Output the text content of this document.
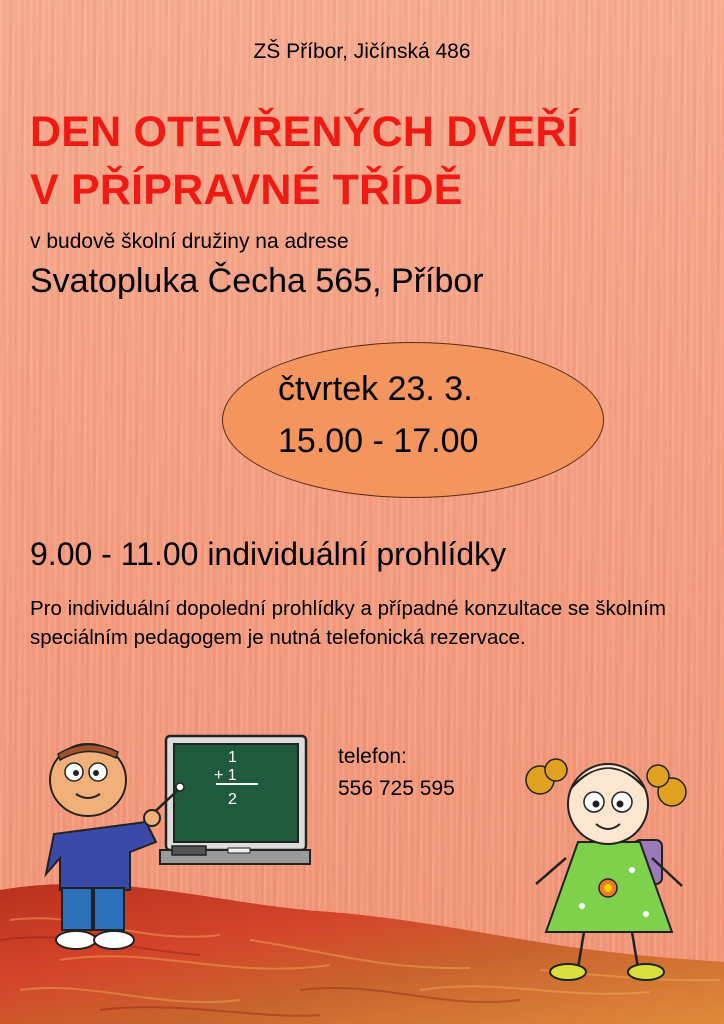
ZŠ Příbor, Jičínská 486
DEN OTEVŘENÝCH DVEŘÍ
V PŘÍPRAVNÉ TŘÍDĚ
v budově školní družiny na adrese
Svatopluka Čecha 565, Příbor
čtvrtek 23. 3.
15.00 - 17.00
9.00 - 11.00 individuální prohlídky
Pro individuální dopolední prohlídky a případné konzultace se školním speciálním pedagogem je nutná telefonická rezervace.
telefon:
556 725 595
1
+ 1
2
